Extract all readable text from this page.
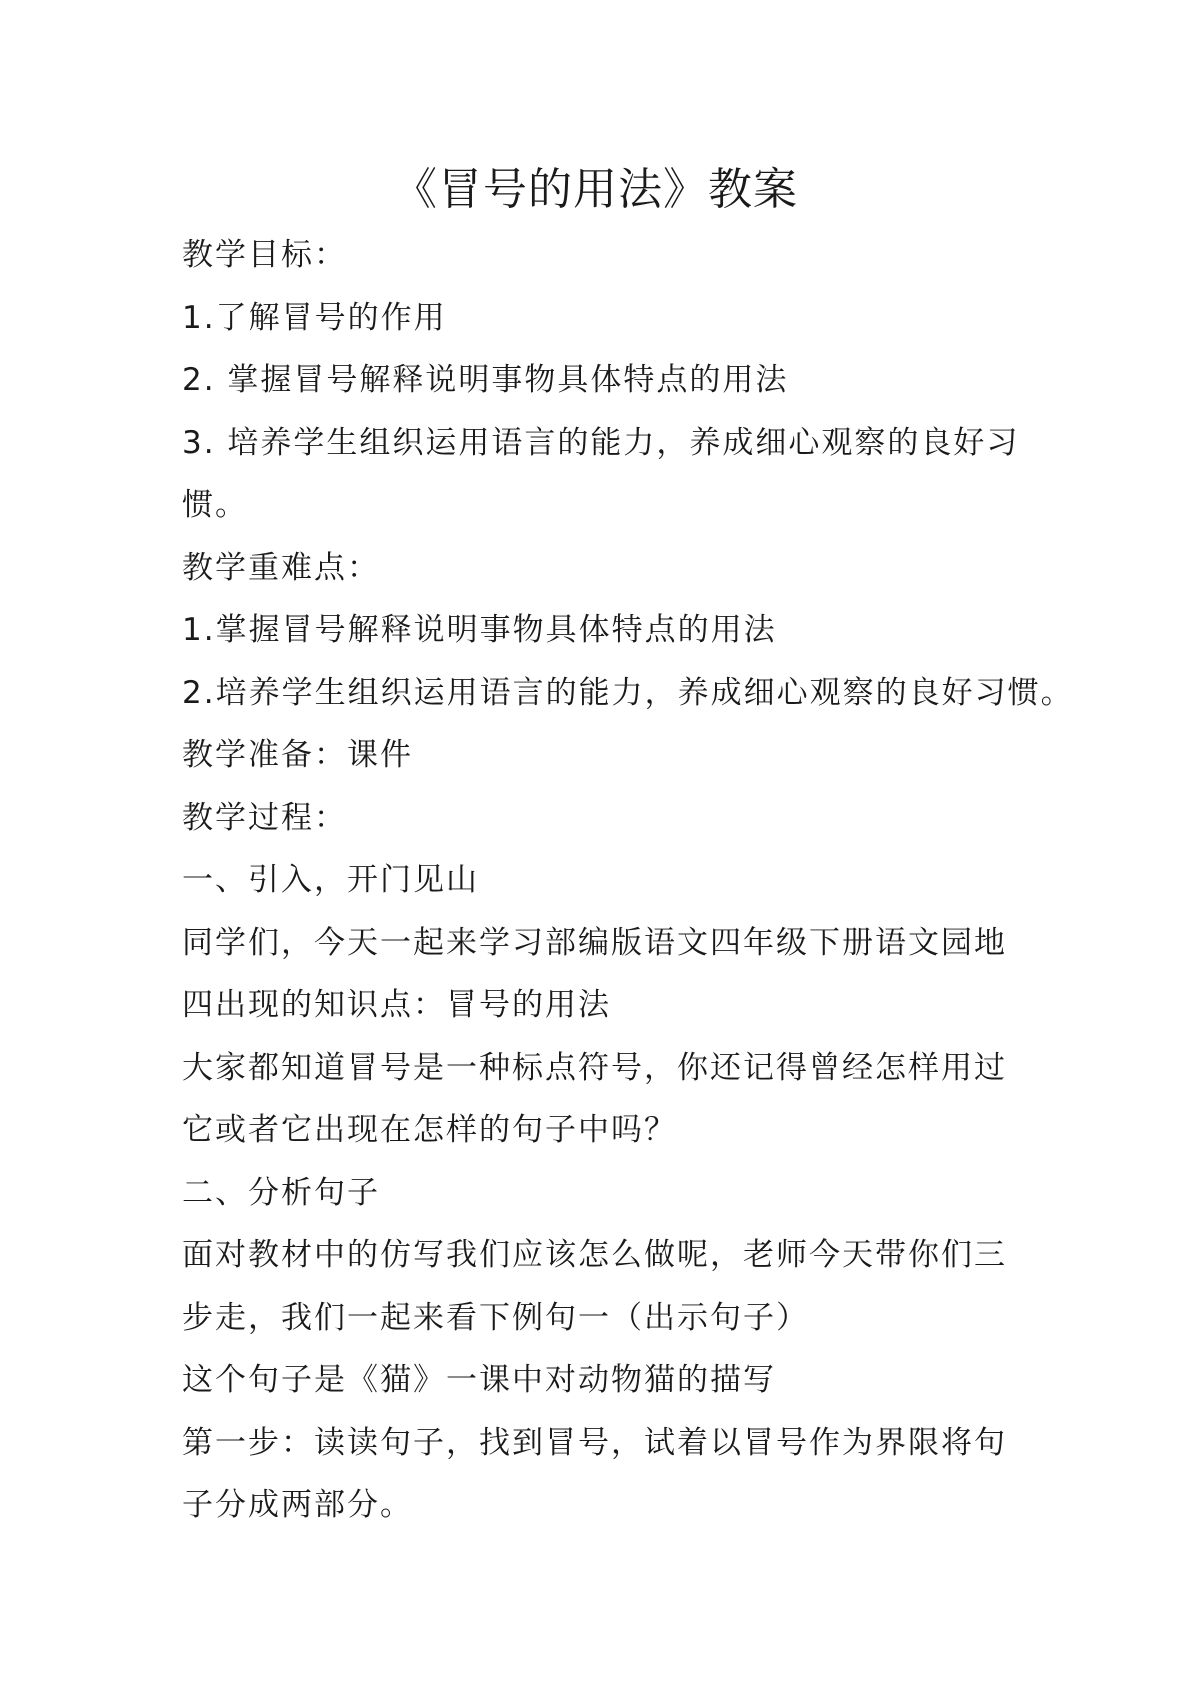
《冒号的用法》教案
教学目标：
1.了解冒号的作用
2. 掌握冒号解释说明事物具体特点的用法
3. 培养学生组织运用语言的能力，养成细心观察的良好习
惯。
教学重难点：
1.掌握冒号解释说明事物具体特点的用法
2.培养学生组织运用语言的能力，养成细心观察的良好习惯。
教学准备：课件
教学过程：
一、引入，开门见山
同学们，今天一起来学习部编版语文四年级下册语文园地
四出现的知识点：冒号的用法
大家都知道冒号是一种标点符号，你还记得曾经怎样用过
它或者它出现在怎样的句子中吗？
二、分析句子
面对教材中的仿写我们应该怎么做呢，老师今天带你们三
步走，我们一起来看下例句一（出示句子）
这个句子是《猫》一课中对动物猫的描写
第一步：读读句子，找到冒号，试着以冒号作为界限将句
子分成两部分。
